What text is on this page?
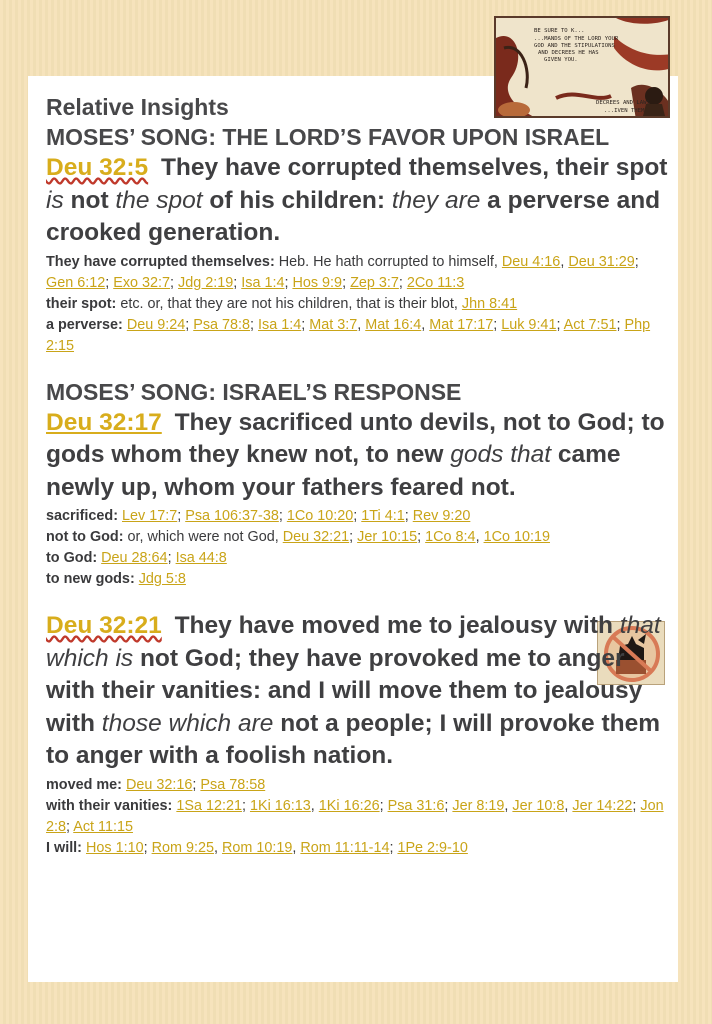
BE SURE TO K... ...MANDS OF THE LORD YOUR GOD AND THE STIPULATIONS AND DECREES HE HAS GIVEN YOU. DECREES AND LAWS ...IVEN THEM
Relative Insights
MOSES’ SONG: THE LORD’S FAVOR UPON ISRAEL
Deu 32:5 They have corrupted themselves, their spot is not the spot of his children: they are a perverse and crooked generation.
They have corrupted themselves: Heb. He hath corrupted to himself, Deu 4:16, Deu 31:29; Gen 6:12; Exo 32:7; Jdg 2:19; Isa 1:4; Hos 9:9; Zep 3:7; 2Co 11:3
their spot: etc. or, that they are not his children, that is their blot, Jhn 8:41
a perverse: Deu 9:24; Psa 78:8; Isa 1:4; Mat 3:7, Mat 16:4, Mat 17:17; Luk 9:41; Act 7:51; Php 2:15
MOSES’ SONG: ISRAEL’S RESPONSE
Deu 32:17 They sacrificed unto devils, not to God; to gods whom they knew not, to new gods that came newly up, whom your fathers feared not.
sacrificed: Lev 17:7; Psa 106:37-38; 1Co 10:20; 1Ti 4:1; Rev 9:20
not to God: or, which were not God, Deu 32:21; Jer 10:15; 1Co 8:4, 1Co 10:19
to God: Deu 28:64; Isa 44:8
to new gods: Jdg 5:8
Deu 32:21 They have moved me to jealousy with that which is not God; they have provoked me to anger with their vanities: and I will move them to jealousy with those which are not a people; I will provoke them to anger with a foolish nation.
moved me: Deu 32:16; Psa 78:58
with their vanities: 1Sa 12:21; 1Ki 16:13, 1Ki 16:26; Psa 31:6; Jer 8:19, Jer 10:8, Jer 14:22; Jon 2:8; Act 11:15
I will: Hos 1:10; Rom 9:25, Rom 10:19, Rom 11:11-14; 1Pe 2:9-10
